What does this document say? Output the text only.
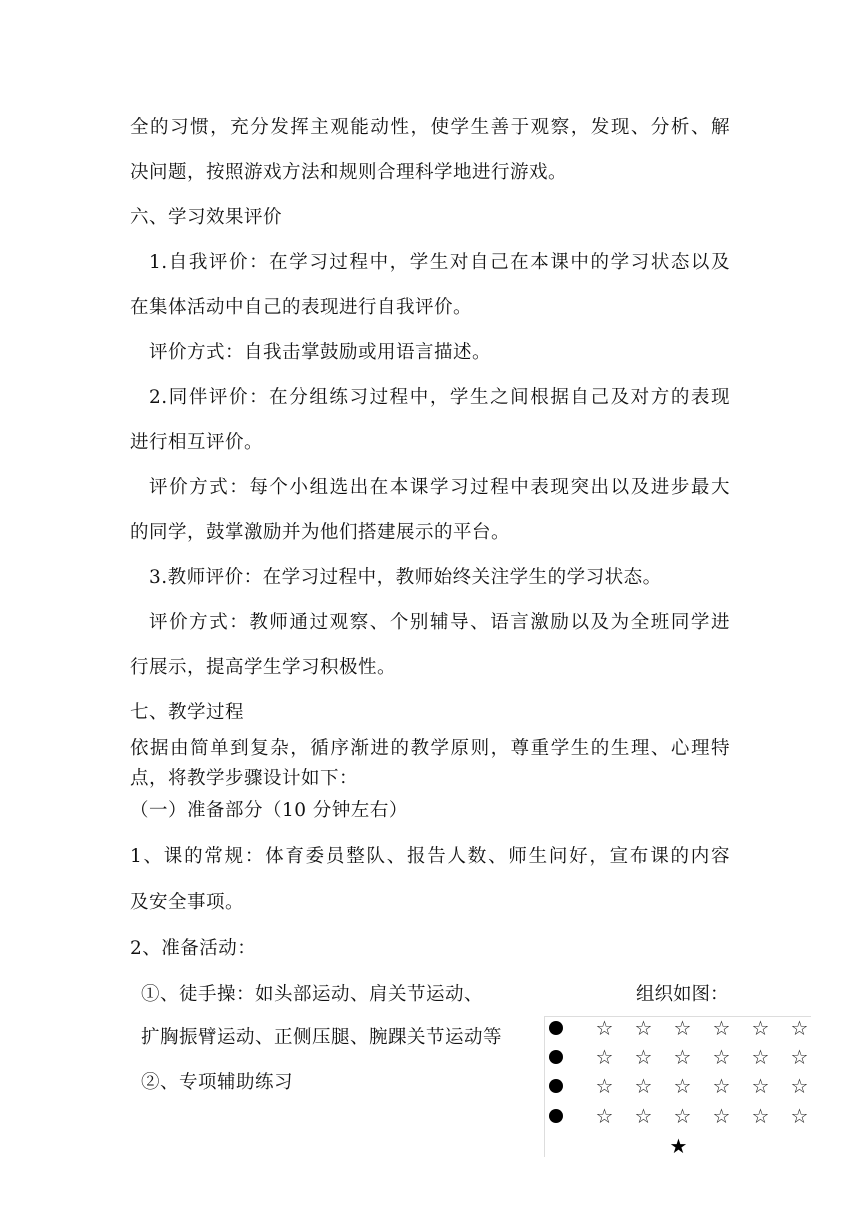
全的习惯，充分发挥主观能动性，使学生善于观察，发现、分析、解
决问题，按照游戏方法和规则合理科学地进行游戏。
六、学习效果评价
1.自我评价：在学习过程中，学生对自己在本课中的学习状态以及
在集体活动中自己的表现进行自我评价。
评价方式：自我击掌鼓励或用语言描述。
2.同伴评价：在分组练习过程中，学生之间根据自己及对方的表现
进行相互评价。
评价方式：每个小组选出在本课学习过程中表现突出以及进步最大
的同学，鼓掌激励并为他们搭建展示的平台。
3.教师评价：在学习过程中，教师始终关注学生的学习状态。
评价方式：教师通过观察、个别辅导、语言激励以及为全班同学进
行展示，提高学生学习积极性。
七、教学过程
依据由简单到复杂，循序渐进的教学原则，尊重学生的生理、心理特
点，将教学步骤设计如下：
（一）准备部分（10 分钟左右）
1、课的常规：体育委员整队、报告人数、师生问好，宣布课的内容
及安全事项。
2、准备活动：
①、徒手操：如头部运动、肩关节运动、
扩胸振臂运动、正侧压腿、腕踝关节运动等
②、专项辅助练习
组织如图：
☆	☆	☆	☆	☆	☆
☆	☆	☆	☆	☆	☆
☆	☆	☆	☆	☆	☆
☆	☆	☆	☆	☆	☆
★
